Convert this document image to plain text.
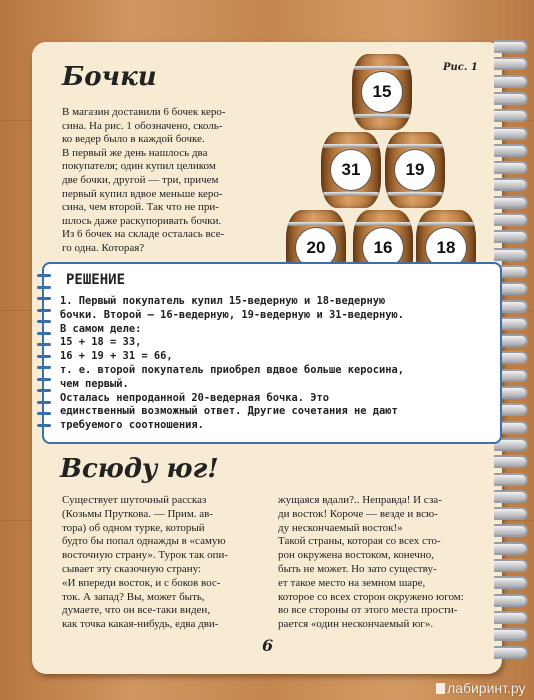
Бочки	Рис. 1

В магазин доставили 6 бочек керо-

сина. На рис. 1 обозначено, сколь-

ко ведер было в каждой бочке.

В первый же день нашлось два

покупателя; один купил целиком

две бочки, другой — три, причем

первый купил вдвое меньше керо-

сина, чем второй. Так что не при-

шлось даже раскупоривать бочки.

Из 6 бочек на складе осталась все-

го одна. Которая?

15
31	19
20	16	18
РЕШЕНИЕ

1. Первый покупатель купил 15-ведерную и 18-ведерную

бочки. Второй — 16-ведерную, 19-ведерную и 31-ведерную.

В самом деле:

15 + 18 = 33,

16 + 19 + 31 = 66,

т. е. второй покупатель приобрел вдвое больше керосина,

чем первый.

Осталась непроданной 20-ведерная бочка. Это

единственный возможный ответ. Другие сочетания не дают

требуемого соотношения.

Всюду юг!

Существует шуточный рассказ

(Козьмы Пруткова. — Прим. ав-

тора) об одном турке, который

будто бы попал однажды в «самую

восточную страну». Турок так опи-

сывает эту сказочную страну:

«И впереди восток, и с боков вос-

ток. А запад? Вы, может быть,

думаете, что он все-таки виден,

как точка какая-нибудь, едва дви-

жущаяся вдали?.. Неправда! И сза-

ди восток! Короче — везде и всю-

ду нескончаемый восток!»

Такой страны, которая со всех сто-

рон окружена востоком, конечно,

быть не может. Но зато существу-

ет такое место на земном шаре,

которое со всех сторон окружено югом:

во все стороны от этого места прости-

рается «один нескончаемый юг».

6
лабиринт.ру
